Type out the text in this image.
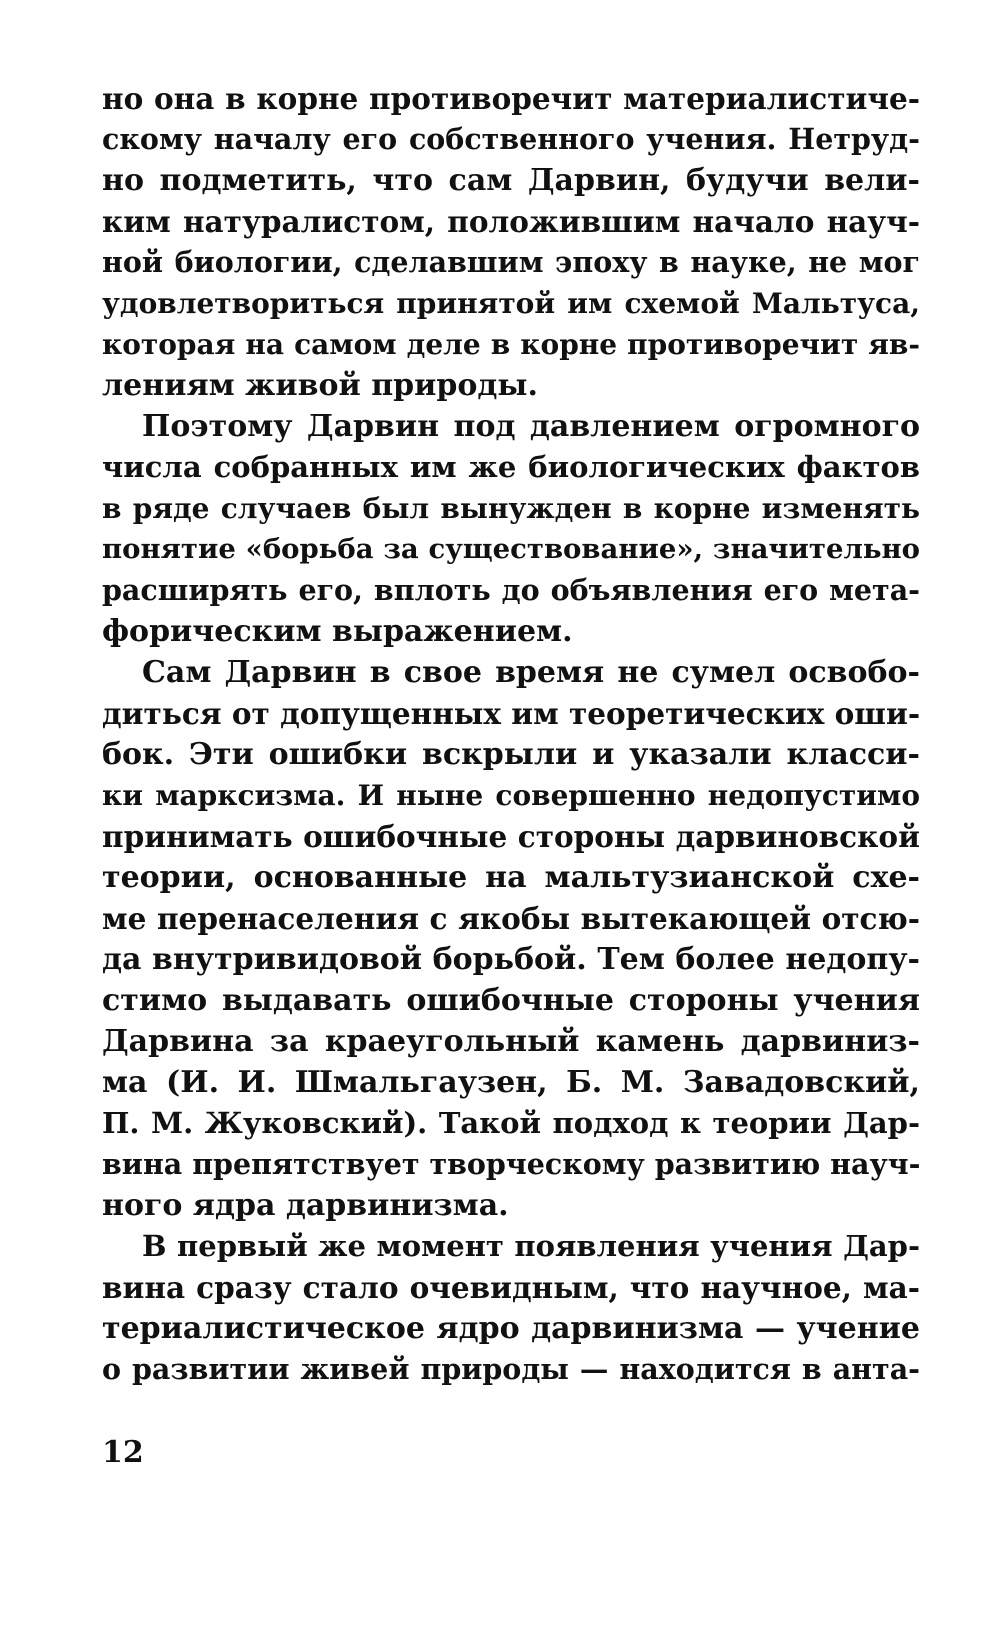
но она в корне противоречит материалистиче-
скому началу его собственного учения. Нетруд-
но подметить, что сам Дарвин, будучи вели-
ким натуралистом, положившим начало науч-
ной биологии, сделавшим эпоху в науке, не мог
удовлетвориться принятой им схемой Мальтуса,
которая на самом деле в корне противоречит яв-
лениям живой природы.
Поэтому Дарвин под давлением огромного
числа собранных им же биологических фактов
в ряде случаев был вынужден в корне изменять
понятие «борьба за существование», значительно
расширять его, вплоть до объявления его мета-
форическим выражением.
Сам Дарвин в свое время не сумел освобо-
диться от допущенных им теоретических оши-
бок. Эти ошибки вскрыли и указали класси-
ки марксизма. И ныне совершенно недопустимо
принимать ошибочные стороны дарвиновской
теории, основанные на мальтузианской схе-
ме перенаселения с якобы вытекающей отсю-
да внутривидовой борьбой. Тем более недопу-
стимо выдавать ошибочные стороны учения
Дарвина за краеугольный камень дарвиниз-
ма (И. И. Шмальгаузен, Б. М. Завадовский,
П. М. Жуковский). Такой подход к теории Дар-
вина препятствует творческому развитию науч-
ного ядра дарвинизма.
В первый же момент появления учения Дар-
вина сразу стало очевидным, что научное, ма-
териалистическое ядро дарвинизма — учение
о развитии живей природы — находится в анта-
12
